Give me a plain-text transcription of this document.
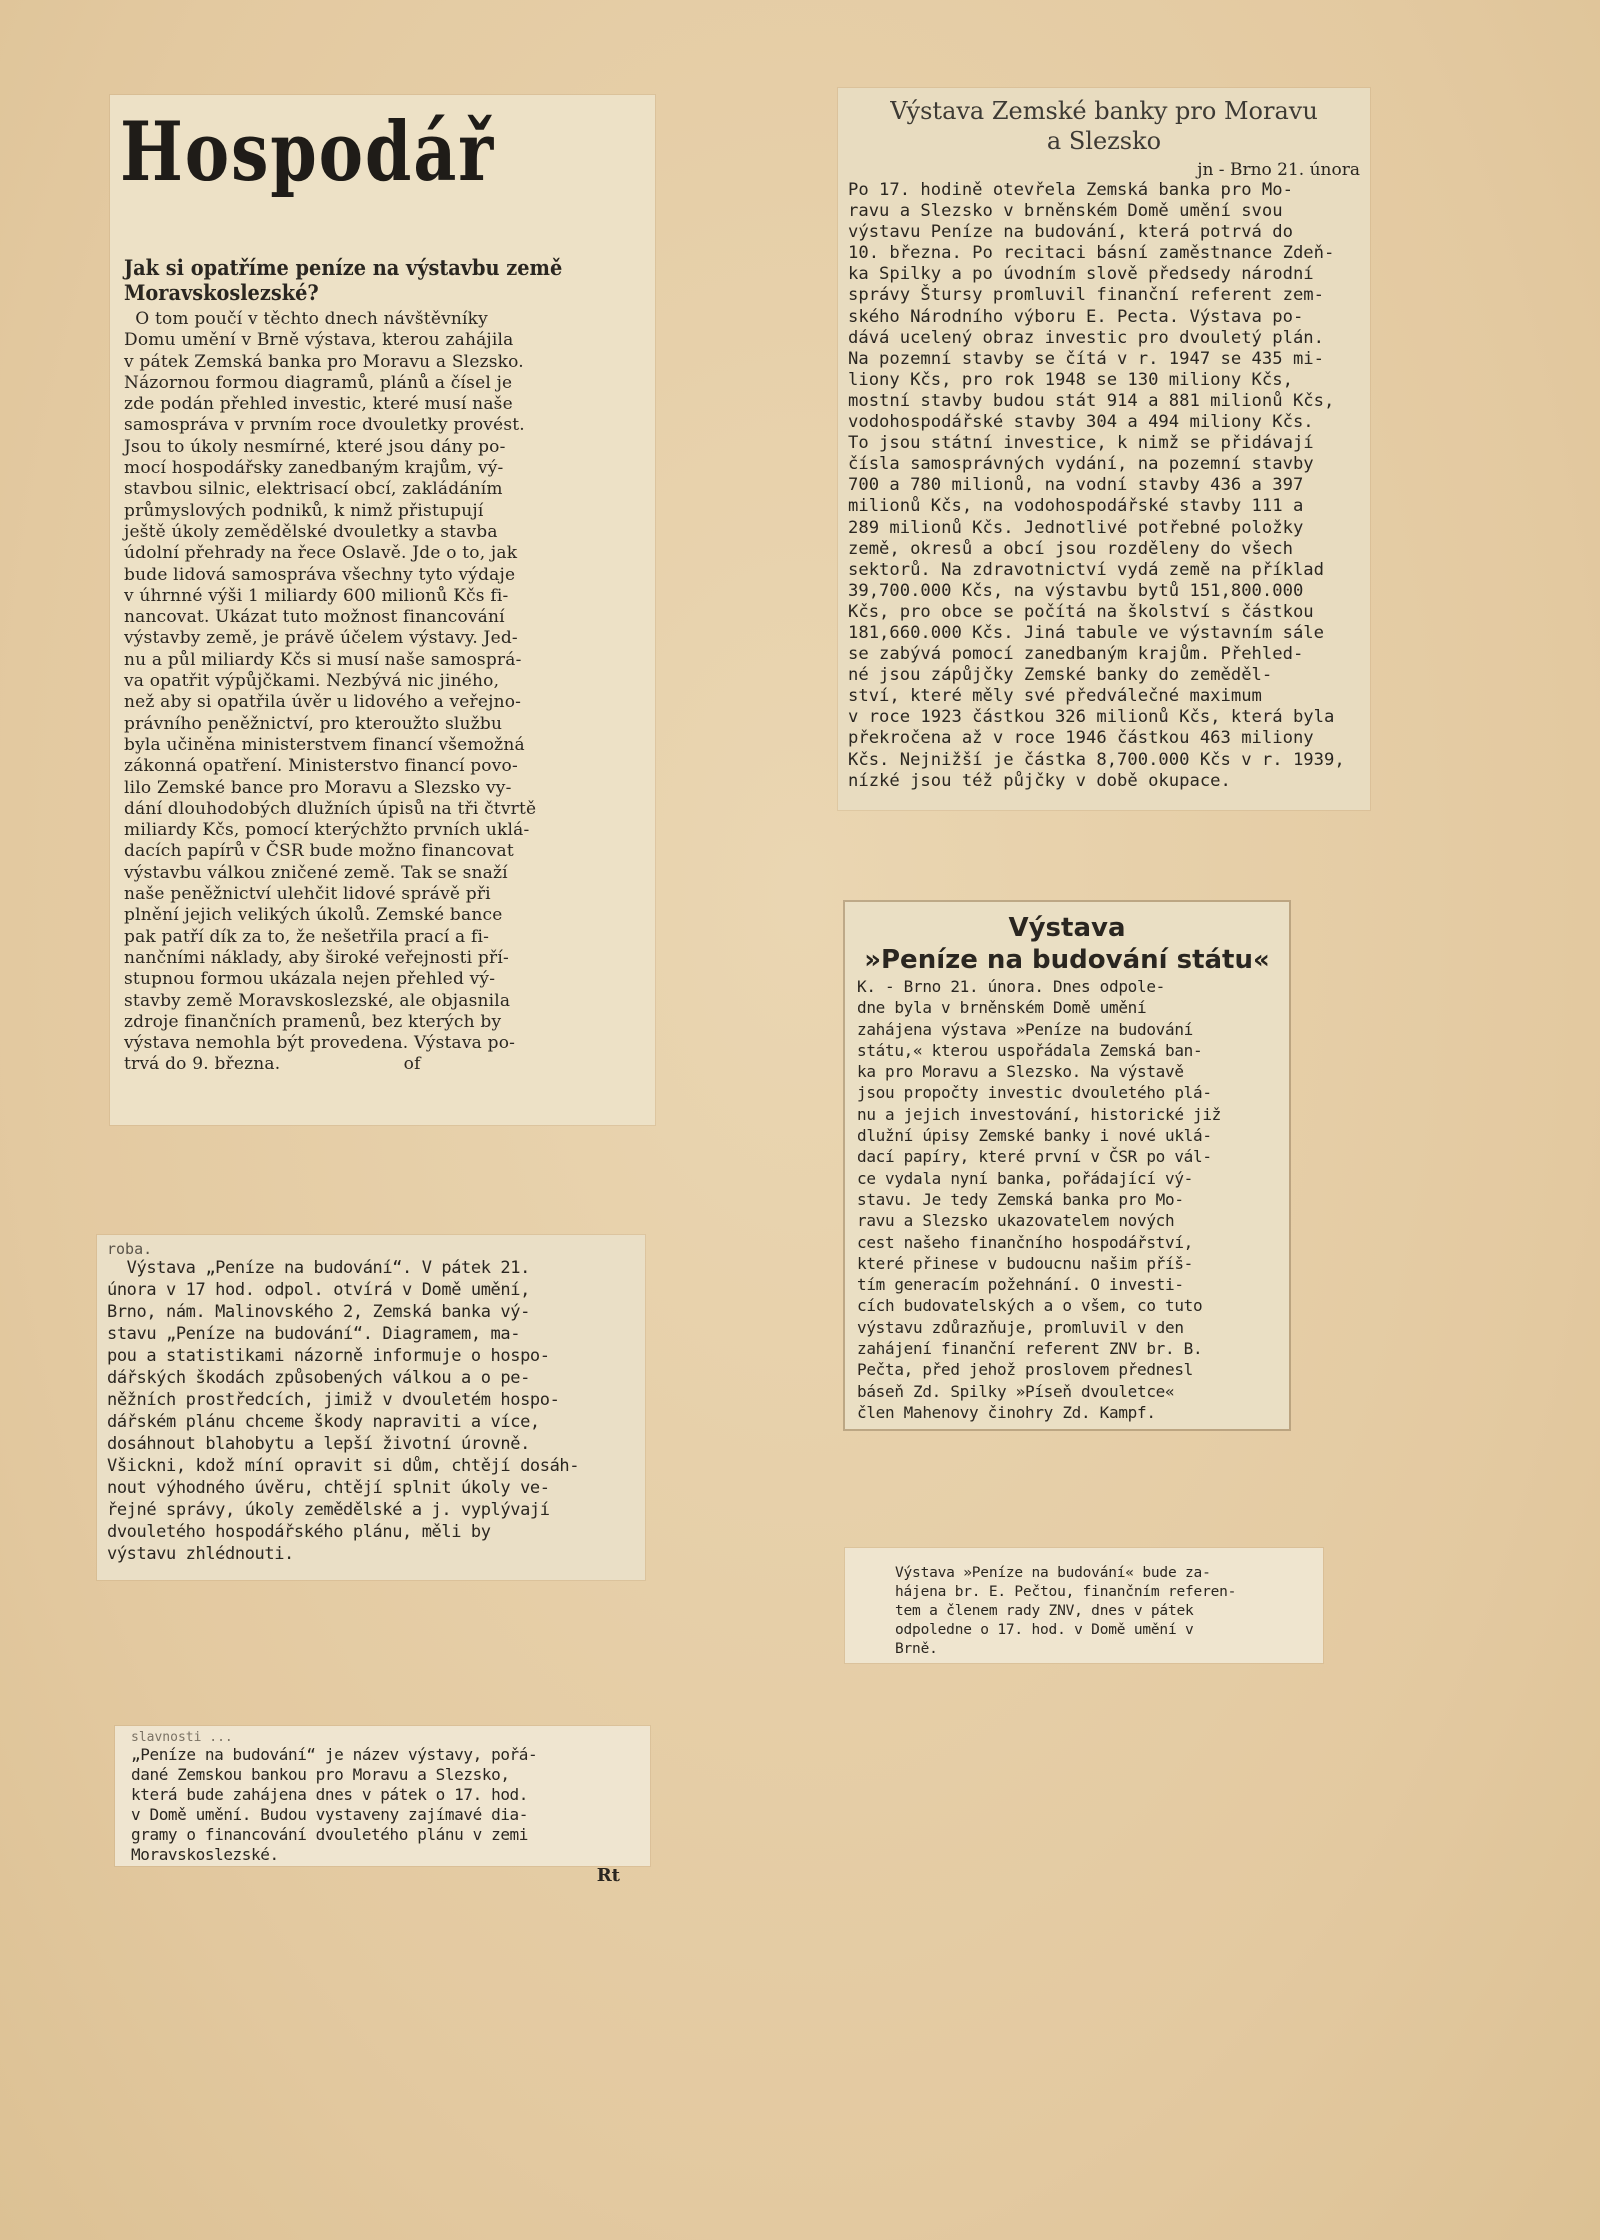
Hospodář
Jak si opatříme peníze na výstavbu země
Moravskoslezské?

O tom poučí v těchto dnech návštěvníky

Domu umění v Brně výstava, kterou zahájila

v pátek Zemská banka pro Moravu a Slezsko.

Názornou formou diagramů, plánů a čísel je

zde podán přehled investic, které musí naše

samospráva v prvním roce dvouletky provést.

Jsou to úkoly nesmírné, které jsou dány po-

mocí hospodářsky zanedbaným krajům, vý-

stavbou silnic, elektrisací obcí, zakládáním

průmyslových podniků, k nimž přistupují

ještě úkoly zemědělské dvouletky a stavba

údolní přehrady na řece Oslavě. Jde o to, jak

bude lidová samospráva všechny tyto výdaje

v úhrnné výši 1 miliardy 600 milionů Kčs fi-

nancovat. Ukázat tuto možnost financování

výstavby země, je právě účelem výstavy. Jed-

nu a půl miliardy Kčs si musí naše samosprá-

va opatřit výpůjčkami. Nezbývá nic jiného,

než aby si opatřila úvěr u lidového a veřejno-

právního peněžnictví, pro kteroužto službu

byla učiněna ministerstvem financí všemožná

zákonná opatření. Ministerstvo financí povo-

lilo Zemské bance pro Moravu a Slezsko vy-

dání dlouhodobých dlužních úpisů na tři čtvrtě

miliardy Kčs, pomocí kterýchžto prvních uklá-

dacích papírů v ČSR bude možno financovat

výstavbu válkou zničené země. Tak se snaží

naše peněžnictví ulehčit lidové správě při

plnění jejich velikých úkolů. Zemské bance

pak patří dík za to, že nešetřila prací a fi-

nančními náklady, aby široké veřejnosti pří-

stupnou formou ukázala nejen přehled vý-

stavby země Moravskoslezské, ale objasnila

zdroje finančních pramenů, bez kterých by

výstava nemohla být provedena. Výstava po-

trvá do 9. března.                      of

Výstava Zemské banky pro Moravu
a Slezsko
jn - Brno 21. února

Po 17. hodině otevřela Zemská banka pro Mo-

ravu a Slezsko v brněnském Domě umění svou

výstavu Peníze na budování, která potrvá do

10. března. Po recitaci básní zaměstnance Zdeň-

ka Spilky a po úvodním slově předsedy národní

správy Štursy promluvil finanční referent zem-

ského Národního výboru E. Pecta. Výstava po-

dává ucelený obraz investic pro dvouletý plán.

Na pozemní stavby se čítá v r. 1947 se 435 mi-

liony Kčs, pro rok 1948 se 130 miliony Kčs,

mostní stavby budou stát 914 a 881 milionů Kčs,

vodohospodářské stavby 304 a 494 miliony Kčs.

To jsou státní investice, k nimž se přidávají

čísla samosprávných vydání, na pozemní stavby

700 a 780 milionů, na vodní stavby 436 a 397

milionů Kčs, na vodohospodářské stavby 111 a

289 milionů Kčs. Jednotlivé potřebné položky

země, okresů a obcí jsou rozděleny do všech

sektorů. Na zdravotnictví vydá země na příklad

39,700.000 Kčs, na výstavbu bytů 151,800.000

Kčs, pro obce se počítá na školství s částkou

181,660.000 Kčs. Jiná tabule ve výstavním sále

se zabývá pomocí zanedbaným krajům. Přehled-

né jsou zápůjčky Zemské banky do zeměděl-

ství, které měly své předválečné maximum

v roce 1923 částkou 326 milionů Kčs, která byla

překročena až v roce 1946 částkou 463 miliony

Kčs. Nejnižší je částka 8,700.000 Kčs v r. 1939,

nízké jsou též půjčky v době okupace.

Výstava
»Peníze na budování státu«

K. - Brno 21. února. Dnes odpole-

dne byla v brněnském Domě umění

zahájena výstava »Peníze na budování

státu,« kterou uspořádala Zemská ban-

ka pro Moravu a Slezsko. Na výstavě

jsou propočty investic dvouletého plá-

nu a jejich investování, historické již

dlužní úpisy Zemské banky i nové uklá-

dací papíry, které první v ČSR po vál-

ce vydala nyní banka, pořádající vý-

stavu. Je tedy Zemská banka pro Mo-

ravu a Slezsko ukazovatelem nových

cest našeho finančního hospodářství,

které přinese v budoucnu našim příš-

tím generacím požehnání. O investi-

cích budovatelských a o všem, co tuto

výstavu zdůrazňuje, promluvil v den

zahájení finanční referent ZNV br. B.

Pečta, před jehož proslovem přednesl

báseň Zd. Spilky »Píseň dvouletce«

člen Mahenovy činohry Zd. Kampf.

roba.

Výstava „Peníze na budování“. V pátek 21.

února v 17 hod. odpol. otvírá v Domě umění,

Brno, nám. Malinovského 2, Zemská banka vý-

stavu „Peníze na budování“. Diagramem, ma-

pou a statistikami názorně informuje o hospo-

dářských škodách způsobených válkou a o pe-

něžních prostředcích, jimiž v dvouletém hospo-

dářském plánu chceme škody napraviti a více,

dosáhnout blahobytu a lepší životní úrovně.

Všickni, kdož míní opravit si dům, chtějí dosáh-

nout výhodného úvěru, chtějí splnit úkoly ve-

řejné správy, úkoly zemědělské a j. vyplývají

dvouletého hospodářského plánu, měli by

výstavu zhlédnouti.

Výstava »Peníze na budování« bude za-

hájena br. E. Pečtou, finančním referen-

tem a členem rady ZNV, dnes v pátek

odpoledne o 17. hod. v Domě umění v

Brně.

slavnosti ...

„Peníze na budování“ je název výstavy, pořá-

dané Zemskou bankou pro Moravu a Slezsko,

která bude zahájena dnes v pátek o 17. hod.

v Domě umění. Budou vystaveny zajímavé dia-

gramy o financování dvouletého plánu v zemi

Moravskoslezské.

Rt
